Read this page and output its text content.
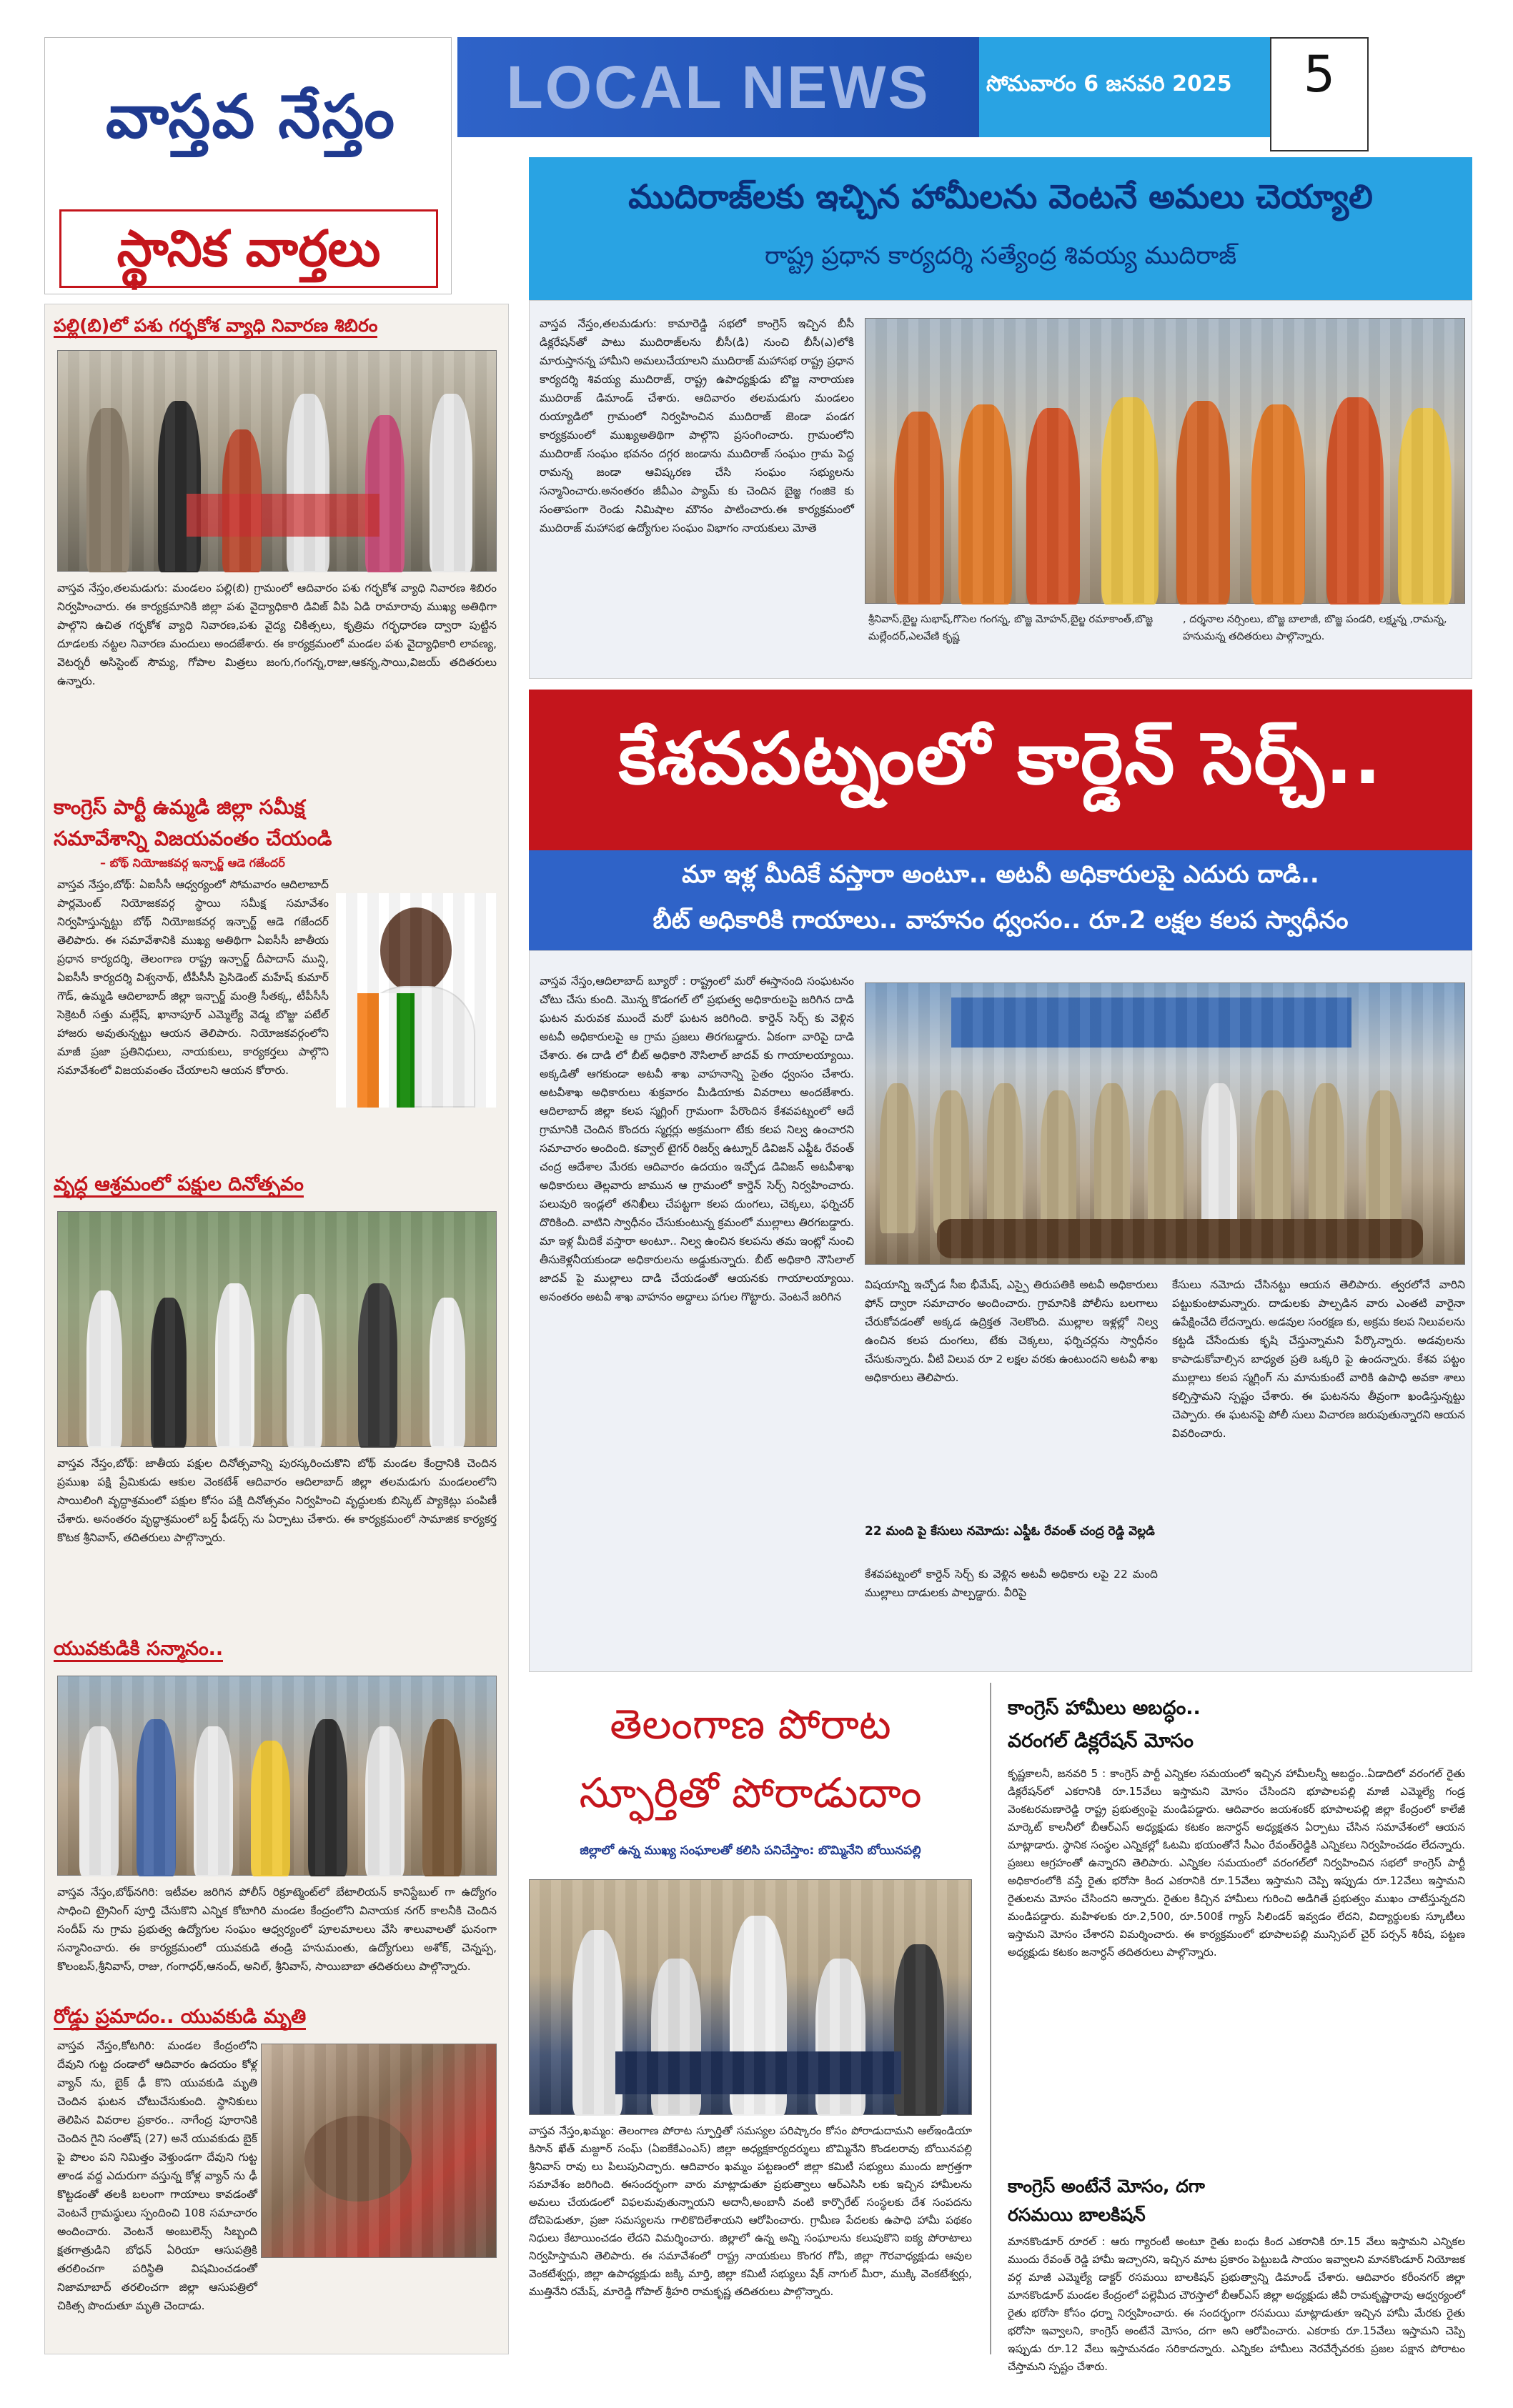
వాస్తవ నేస్తం
స్థానిక వార్తలు
LOCAL NEWS	సోమవారం 6 జనవరి 2025	5
ముదిరాజ్‌లకు ఇచ్చిన హామీలను వెంటనే అమలు చెయ్యాలి
రాష్ట్ర ప్రధాన కార్యదర్శి సత్యేంద్ర శివయ్య ముదిరాజ్
వాస్తవ నేస్తం,తలమడుగు: కామారెడ్డి సభలో కాంగ్రెస్ ఇచ్చిన బీసీ డిక్లరేషన్‌తో పాటు ముదిరాజ్‌లను బీసీ(డి) నుంచి బీసీ(ఎ)లోకి మారుస్తానన్న హామీని అమలుచేయాలని ముదిరాజ్ మహాసభ రాష్ట్ర ప్రధాన కార్యదర్శి శివయ్య ముదిరాజ్, రాష్ట్ర ఉపాధ్యక్షుడు బొజ్జ నారాయణ ముదిరాజ్ డిమాండ్ చేశారు. ఆదివారం తలమడుగు మండలం రుయ్యాడిలో గ్రామంలో నిర్వహించిన ముదిరాజ్ జెండా పండగ కార్యక్రమంలో ముఖ్యఅతిథిగా పాల్గొని ప్రసంగించారు. గ్రామంలోని ముదిరాజ్ సంఘం భవనం దగ్గర జండాను ముదిరాజ్ సంఘం గ్రామ పెద్ద రామన్న జండా ఆవిష్కరణ చేసి సంఘం సభ్యులను సన్మానించారు.అనంతరం జీవీఎం ప్యామ్ కు చెందిన బైజ్జ గంజికె కు సంతాపంగా రెండు నిమిషాల మౌనం పాటించారు.ఈ కార్యక్రమంలో ముదిరాజ్ మహాసభ ఉద్యోగుల సంఘం విభాగం నాయకులు మోతె
శ్రీనివాస్,బైల్జ సుభాష్,గొసెల గంగన్న, బొజ్జ మోహన్,బైల్జ రమాకాంత్,బొజ్జ మల్లేందర్,ఎలవేణి కృష్ణ
, దర్శనాల నర్సింలు, బొజ్జ బాలాజీ, బొజ్జ పండరి, లక్ష్మన్న ,రామన్న, హనుమన్న తదితరులు పాల్గొన్నారు.
పల్లి(బి)లో పశు గర్భకోశ వ్యాధి నివారణ శిబిరం
వాస్తవ నేస్తం,తలమడుగు: మండలం పల్లి(బి) గ్రామంలో ఆదివారం పశు గర్భకోశ వ్యాధి నివారణ శిబిరం నిర్వహించారు. ఈ కార్యక్రమానికి జిల్లా పశు వైద్యాధికారి డివిజ్ వీపి ఏడి రామారావు ముఖ్య అతిథిగా పాల్గొని ఉచిత గర్భకోశ వ్యాధి నివారణ,పశు వైద్య చికిత్సలు, కృత్రిమ గర్భధారణ ద్వారా పుట్టిన దూడలకు నట్టల నివారణ మందులు అందజేశారు. ఈ కార్యక్రమంలో మండల పశు వైద్యాధికారి లావణ్య, వెటర్నరీ అసిస్టెంట్ సౌమ్య, గోపాల మిత్రలు జంగు,గంగన్న,రాజు,ఆకన్న,సాయి,విజయ్ తదితరులు ఉన్నారు.
కాంగ్రెస్ పార్టీ ఉమ్మడి జిల్లా సమీక్ష
సమావేశాన్ని విజయవంతం చేయండి
– బోథ్ నియోజకవర్గ ఇన్చార్జ్ ఆడె గజేందర్
వాస్తవ నేస్తం,బోథ్: ఏఐసీసీ ఆధ్వర్యంలో సోమవారం ఆదిలాబాద్ పార్లమెంట్ నియోజకవర్గ స్థాయి సమీక్ష సమావేశం నిర్వహిస్తున్నట్టు బోథ్ నియోజకవర్గ ఇన్చార్జ్ ఆడె గజేందర్ తెలిపారు. ఈ సమావేశానికి ముఖ్య అతిథిగా ఏఐసీసీ జాతీయ ప్రధాన కార్యదర్శి, తెలంగాణ రాష్ట్ర ఇన్చార్జ్ దీపాదాస్ మున్షి, ఏఐసీసీ కార్యదర్శి విశ్వనాథ్, టీపీసీసీ ప్రెసిడెంట్ మహేష్ కుమార్ గౌడ్, ఉమ్మడి ఆదిలాబాద్ జిల్లా ఇన్చార్జ్ మంత్రి సీతక్క, టీపీసీసీ సెక్రెటరీ సత్తు మల్లేష్, ఖానాపూర్ ఎమ్మెల్యే వెడ్మ బొజ్జు పటేల్ హాజరు అవుతున్నట్టు ఆయన తెలిపారు. నియోజకవర్గంలోని మాజీ ప్రజా ప్రతినిధులు, నాయకులు, కార్యకర్తలు పాల్గొని సమావేశంలో విజయవంతం చేయాలని ఆయన కోరారు.
వృద్ధ ఆశ్రమంలో పక్షుల దినోత్సవం
వాస్తవ నేస్తం,బోథ్: జాతీయ పక్షుల దినోత్సవాన్ని పురస్కరించుకొని బోథ్ మండల కేంద్రానికి చెందిన ప్రముఖ పక్షి ప్రేమికుడు ఆకుల వెంకటేశ్ ఆదివారం ఆదిలాబాద్ జిల్లా తలమడుగు మండలంలోని సాయిలింగి వృద్ధాశ్రమంలో పక్షుల కోసం పక్షి దినోత్సవం నిర్వహించి వృద్ధులకు బిస్కెట్ ప్యాకెట్లు పంపిణీ చేశారు. అనంతరం వృద్ధాశ్రమంలో బర్డ్ ఫీడర్స్ ను ఏర్పాటు చేశారు. ఈ కార్యక్రమంలో సామాజిక కార్యకర్త కొటక శ్రీనివాస్, తదితరులు పాల్గొన్నారు.
యువకుడికి సన్మానం..
వాస్తవ నేస్తం,బోథ్‌నగిరి: ఇటీవల జరిగిన పోలీస్ రిక్రూట్మెంట్‌లో బేటాలియన్ కానిస్టేబుల్ గా ఉద్యోగం సాధించి ట్రైనింగ్ పూర్తి చేసుకొని ఎన్నిక కోటాగిరి మండల కేంద్రంలోని వినాయక నగర్ కాలనీకి చెందిన సందీప్ ను గ్రామ ప్రభుత్వ ఉద్యోగుల సంఘం ఆధ్వర్యంలో పూలమాలలు వేసి శాలువాలతో ఘనంగా సన్మానించారు. ఈ కార్యక్రమంలో యువకుడి తండ్రి హనుమంతు, ఉద్యోగులు అశోక్, చెన్నప్ప, కొలంబస్,శ్రీనివాస్, రాజు, గంగాధర్,ఆనంద్, అనిల్, శ్రీనివాస్, సాయిబాబా తదితరులు పాల్గొన్నారు.
రోడ్డు ప్రమాదం.. యువకుడి మృతి
వాస్తవ నేస్తం,కోటగిరి: మండల కేంద్రంలోని దేవుని గుట్ట దండాలో ఆదివారం ఉదయం కోళ్ల వ్యాన్ ను, బైక్ ఢీ కొని యువకుడి మృతి చెందిన ఘటన చోటుచేసుకుంది. స్థానికులు తెలిపిన వివరాల ప్రకారం.. నాగేంద్ర పూరానికి చెందిన గైని సంతోష్ (27) అనే యువకుడు బైక్ పై పొలం పని నిమిత్తం వెళ్తుండగా దేవుని గుట్ట తాండ వద్ద ఎదురుగా వస్తున్న కోళ్ల వ్యాన్ ను ఢీ కొట్టడంతో తలకి బలంగా గాయాలు కావడంతో వెంటనే గ్రామస్థులు స్పందించి 108 సమాచారం అందించారు. వెంటనే అంబులెన్స్ సిబ్బంది క్షతగాత్రుడిని బోధన్ ఏరియా ఆసుపత్రికి తరలించగా పరిస్థితి విషమించడంతో నిజామాబాద్ తరలించగా జిల్లా ఆసుపత్రిలో చికిత్స పొందుతూ మృతి చెందాడు.
కేశవపట్నంలో కార్డెన్ సెర్చ్..
మా ఇళ్ల మీదికే వస్తారా అంటూ.. అటవీ అధికారులపై ఎదురు దాడి..
బీట్ అధికారికి గాయాలు.. వాహనం ధ్వంసం.. రూ.2 లక్షల కలప స్వాధీనం
వాస్తవ నేస్తం,ఆదిలాబాద్ బ్యూరో : రాష్ట్రంలో మరో ఈస్తానంది సంఘటనం చోటు చేసు కుంది. మొన్న కొడంగల్ లో ప్రభుత్వ అధికారులపై జరిగిన దాడి ఘటన మరువక ముందే మరో ఘటన జరిగింది. కార్డెన్ సెర్చ్ కు వెళ్లిన అటవీ అధికారులపై ఆ గ్రామ ప్రజలు తిరగబడ్డారు. ఏకంగా వారిపై దాడి చేశారు. ఈ దాడి లో బీట్ అధికారి నౌసిలాల్ జాదవ్ కు గాయాలయ్యాయి. అక్కడితో ఆగకుండా అటవీ శాఖ వాహనాన్ని సైతం ధ్వంసం చేశారు. అటవీశాఖ అధికారులు శుక్రవారం మీడియాకు వివరాలు అందజేశారు. ఆదిలాబాద్ జిల్లా కలప స్మగ్లింగ్ గ్రామంగా పేరొందిన కేశవపట్నంలో ఆదే గ్రామానికి చెందిన కొందరు స్మగ్లర్లు అక్రమంగా టేకు కలప నిల్వ ఉంచారని సమాచారం అందింది. కవ్వాల్ టైగర్ రిజర్వ్ ఉట్నూర్ డివిజన్ ఎఫ్డీఓ రేవంత్ చంద్ర ఆదేశాల మేరకు ఆదివారం ఉదయం ఇచ్చోడ డివిజన్ అటవీశాఖ అధికారులు తెల్లవారు జామున ఆ గ్రామంలో కార్డెన్ సెర్చ్ నిర్వహించారు. పలువురి ఇండ్లలో తనిఖీలు చేపట్టగా కలప దుంగలు, చెక్కలు, ఫర్నిచర్ దొరికింది. వాటిని స్వాధీనం చేసుకుంటున్న క్రమంలో ముల్లాలు తిరగబడ్డారు. మా ఇళ్ల మీదికే వస్తారా అంటూ.. నిల్వ ఉంచిన కలపను తమ ఇంట్లో నుంచి తీసుకెళ్లనీయకుండా అధికారులను అడ్డుకున్నారు. బీట్ అధికారి నౌసిలాల్ జాదవ్ పై ముల్లాలు దాడి చేయడంతో ఆయనకు గాయాలయ్యాయి. అనంతరం అటవీ శాఖ వాహనం అద్దాలు పగుల గొట్టారు. వెంటనే జరిగిన
విషయాన్ని ఇచ్చోడ సీఐ భీమేష్, ఎస్పై తిరుపతికి అటవీ అధికారులు ఫోన్ ద్వారా సమాచారం అందించారు. గ్రామానికి పోలీసు బలగాలు చేరుకోవడంతో అక్కడ ఉద్రిక్తత నెలకొంది. ముల్లాల ఇళ్లల్లో నిల్వ ఉంచిన కలప దుంగలు, టేకు చెక్కలు, ఫర్నిచర్లను స్వాధీనం చేసుకున్నారు. వీటి విలువ రూ 2 లక్షల వరకు ఉంటుందని అటవీ శాఖ అధికారులు తెలిపారు.
కేసులు నమోదు చేసినట్టు ఆయన తెలిపారు. త్వరలోనే వారిని పట్టుకుంటామన్నారు. దాడులకు పాల్పడిన వారు ఎంతటి వారైనా ఉపేక్షించేది లేదన్నారు. అడవుల సంరక్షణ కు, అక్రమ కలప నిలువలను కట్టడి చేసేందుకు కృషి చేస్తున్నామని పేర్కొన్నారు. అడవులను కాపాడుకోవాల్సిన బాధ్యత ప్రతి ఒక్కరి పై ఉందన్నారు. కేశవ పట్టం ముల్లాలు కలప స్మగ్లింగ్ ను మానుకుంటే వారికి ఉపాధి అవకా శాలు కల్పిస్తామని స్పష్టం చేశారు. ఈ ఘటనను తీవ్రంగా ఖండిస్తున్నట్టు చెప్పారు. ఈ ఘటనపై పోలీ సులు విచారణ జరుపుతున్నారని ఆయన వివరించారు.
22 మంది పై కేసులు నమోదు: ఎఫ్డీఓ రేవంత్ చంద్ర రెడ్డి వెల్లడి
కేశవపట్నంలో కార్డెన్ సెర్చ్ కు వెళ్లిన అటవీ అధికారు లపై 22 మంది ముల్లాలు దాడులకు పాల్పడ్డారు. వీరిపై
తెలంగాణ పోరాట
స్ఫూర్తితో పోరాడుదాం
జిల్లాలో ఉన్న ముఖ్య సంఘాలతో కలిసి పనిచేస్తాం: బొమ్మినేని బోయినపల్లి
వాస్తవ నేస్తం,ఖమ్మం: తెలంగాణ పోరాట స్ఫూర్తితో సమస్యల పరిష్కారం కోసం పోరాడుదామని ఆల్ఇండియా కిసాన్ ఖేత్ మజ్దూర్ సంఘ్ (ఏఐకేకేఎంఎస్) జిల్లా అధ్యక్షకార్యదర్శులు బొమ్మినేని కొండలరావు బోయినపల్లి శ్రీనివాస్ రావు లు పిలుపునిచ్చారు. ఆదివారం ఖమ్మం పట్టణంలో జిల్లా కమిటీ సభ్యులు ముందు జాగ్రత్తగా సమావేశం జరిగింది. ఈసందర్భంగా వారు మాట్లాడుతూ ప్రభుత్వాలు ఆర్ఎసిసి లకు ఇచ్చిన హామీలను అమలు చేయడంలో విఫలమవుతున్నాయని అదానీ,అంబానీ వంటి కార్పొరేట్ సంస్థలకు దేశ సంపదను దోచిపెడుతూ, ప్రజా సమస్యలను గాలికొదిలేశాయని ఆరోపించారు. గ్రామీణ పేదలకు ఉపాధి హామీ పథకం నిధులు కేటాయించడం లేదని విమర్శించారు. జిల్లాలో ఉన్న అన్ని సంఘాలను కలుపుకొని ఐక్య పోరాటాలు నిర్వహిస్తామని తెలిపారు. ఈ సమావేశంలో రాష్ట్ర నాయకులు కొంగర గోపి, జిల్లా గౌరవాధ్యక్షుడు ఆవుల వెంకటేశ్వర్లు, జిల్లా ఉపాధ్యక్షుడు జక్కి మార్తి, జిల్లా కమిటీ సభ్యులు షేక్ నాగుల్ మీరా, ముక్కి వెంకటేశ్వర్లు, ముత్తినేని రమేష్, మారెడ్డి గోపాల్ శ్రీహరి రామకృష్ణ తదితరులు పాల్గొన్నారు.
కాంగ్రెస్ హామీలు అబద్ధం..
వరంగల్ డిక్లరేషన్ మోసం
కృష్ణకాలనీ, జనవరి 5 : కాంగ్రెస్ పార్టీ ఎన్నికల సమయంలో ఇచ్చిన హామీలన్నీ అబద్ధం..ఏడాదిలో వరంగల్ రైతు డిక్లరేషన్‌లో ఎకరానికి రూ.15వేలు ఇస్తామని మోసం చేసిందని భూపాలపల్లి మాజీ ఎమ్మెల్యే గండ్ర వెంకటరమణారెడ్డి రాష్ట్ర ప్రభుత్వంపై మండిపడ్డారు. ఆదివారం జయశంకర్ భూపాలపల్లి జిల్లా కేంద్రంలో కాలేజీ మార్కెట్ కాలనీలో బీఆర్ఎస్ అధ్యక్షుడు కటకం జనార్ధన్ అధ్యక్షతన ఏర్పాటు చేసిన సమావేశంలో ఆయన మాట్లాడారు. స్థానిక సంస్థల ఎన్నికల్లో ఓటమి భయంతోనే సీఎం రేవంత్‌రెడ్డికి ఎన్నికలు నిర్వహించడం లేదన్నారు. ప్రజలు ఆగ్రహంతో ఉన్నారని తెలిపారు. ఎన్నికల సమయంలో వరంగల్‌లో నిర్వహించిన సభలో కాంగ్రెస్ పార్టీ అధికారంలోకి వస్తే రైతు భరోసా కింద ఎకరానికి రూ.15వేలు ఇస్తామని చెప్పి ఇప్పుడు రూ.12వేలు ఇస్తామని రైతులను మోసం చేసిందని అన్నారు. రైతుల కిచ్చిన హామీలు గురించి అడిగితే ప్రభుత్వం ముఖం చాటేస్తున్నదని మండిపడ్డారు. మహిళలకు రూ.2,500, రూ.500కే గ్యాస్ సిలిండర్ ఇవ్వడం లేదని, విద్యార్థులకు స్కూటీలు ఇస్తామని మోసం చేశారని విమర్శించారు. ఈ కార్యక్రమంలో భూపాలపల్లి మున్సిపల్ చైర్ పర్సన్ శిరీష, పట్టణ అధ్యక్షుడు కటకం జనార్ధన్ తదితరులు పాల్గొన్నారు.
కాంగ్రెస్ అంటేనే మోసం, దగా
రసమయి బాలకిషన్
మానకొండూర్ రూరల్ : ఆరు గ్యారంటీ అంటూ రైతు బంధు కింద ఎకరానికి రూ.15 వేలు ఇస్తామని ఎన్నికల ముందు రేవంత్ రెడ్డి హామీ ఇచ్చారని, ఇచ్చిన మాట ప్రకారం పెట్టుబడి సాయం ఇవ్వాలని మానకొండూర్ నియోజక వర్గ మాజీ ఎమ్మెల్యే డాక్టర్ రసమయి బాలకిషన్ ప్రభుత్వాన్ని డిమాండ్ చేశారు. ఆదివారం కరీంనగర్ జిల్లా మానకొండూర్ మండల కేంద్రంలో పల్లెమీద చౌరస్తాలో బీఆర్ఎస్ జిల్లా అధ్యక్షుడు జీవీ రామకృష్ణారావు ఆధ్వర్యంలో రైతు భరోసా కోసం ధర్నా నిర్వహించారు. ఈ సందర్భంగా రసమయి మాట్లాడుతూ ఇచ్చిన హామీ మేరకు రైతు భరోసా ఇవ్వాలని, కాంగ్రెస్ అంటేనే మోసం, దగా అని ఆరోపించారు. ఎకరాకు రూ.15వేలు ఇస్తామని చెప్పి ఇప్పుడు రూ.12 వేలు ఇస్తామనడం సరికాదన్నారు. ఎన్నికల హామీలు నెరవేర్చేవరకు ప్రజల పక్షాన పోరాటం చేస్తామని స్పష్టం చేశారు.
